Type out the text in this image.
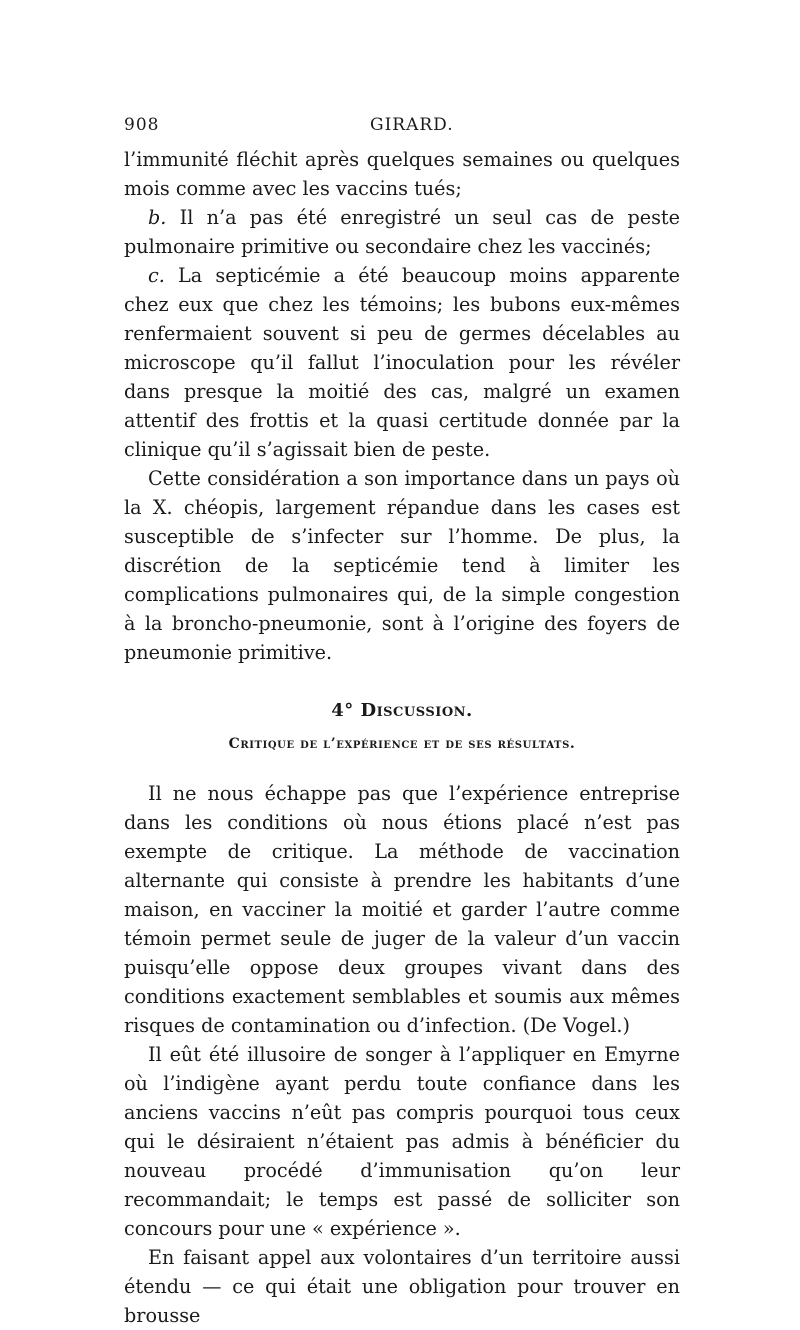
908	GIRARD.

l’immunité fléchit après quelques semaines ou quelques mois comme avec les vaccins tués;

b. Il n’a pas été enregistré un seul cas de peste pulmonaire primitive ou secondaire chez les vaccinés;

c. La septicémie a été beaucoup moins apparente chez eux que chez les témoins; les bubons eux-mêmes renfermaient souvent si peu de germes décelables au microscope qu’il fallut l’inoculation pour les révéler dans presque la moitié des cas, malgré un examen attentif des frottis et la quasi certitude donnée par la clinique qu’il s’agissait bien de peste.

Cette considération a son importance dans un pays où la X. chéopis, largement répandue dans les cases est susceptible de s’infecter sur l’homme. De plus, la discrétion de la septicémie tend à limiter les complications pulmonaires qui, de la simple congestion à la broncho-pneumonie, sont à l’origine des foyers de pneumonie primitive.

4° Discussion.
Critique de l’expérience et de ses résultats.

Il ne nous échappe pas que l’expérience entreprise dans les conditions où nous étions placé n’est pas exempte de critique. La méthode de vaccination alternante qui consiste à prendre les habitants d’une maison, en vacciner la moitié et garder l’autre comme témoin permet seule de juger de la valeur d’un vaccin puisqu’elle oppose deux groupes vivant dans des conditions exactement semblables et soumis aux mêmes risques de contamination ou d’infection. (De Vogel.)

Il eût été illusoire de songer à l’appliquer en Emyrne où l’indigène ayant perdu toute confiance dans les anciens vaccins n’eût pas compris pourquoi tous ceux qui le désiraient n’étaient pas admis à bénéficier du nouveau procédé d’immunisation qu’on leur recommandait; le temps est passé de solliciter son concours pour une « expérience ».

En faisant appel aux volontaires d’un territoire aussi étendu — ce qui était une obligation pour trouver en brousse
